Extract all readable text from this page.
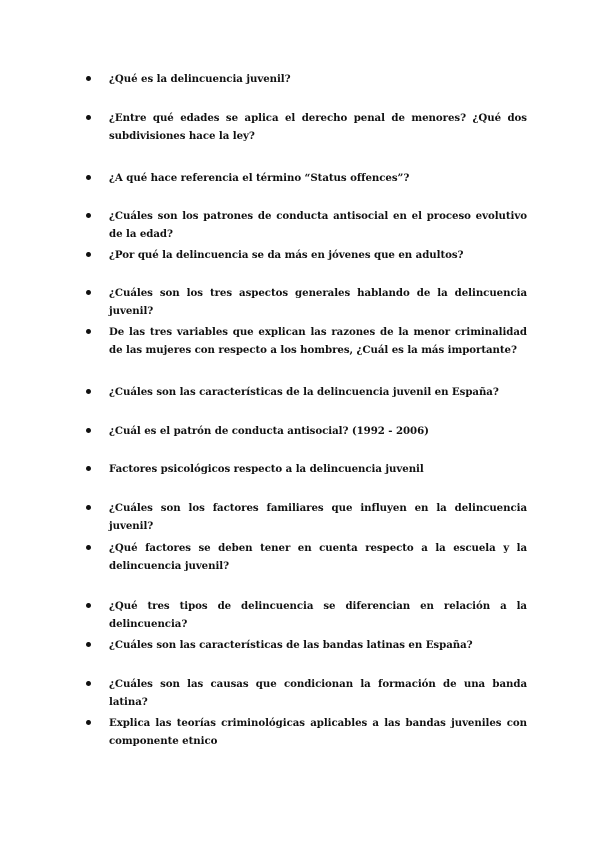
¿Qué es la delincuencia juvenil?
¿Entre qué edades se aplica el derecho penal de menores? ¿Qué dos subdivisiones hace la ley?
¿A qué hace referencia el término “Status offences”?
¿Cuáles son los patrones de conducta antisocial en el proceso evolutivo de la edad?
¿Por qué la delincuencia se da más en jóvenes que en adultos?
¿Cuáles son los tres aspectos generales hablando de la delincuencia juvenil?
De las tres variables que explican las razones de la menor criminalidad de las mujeres con respecto a los hombres, ¿Cuál es la más importante?
¿Cuáles son las características de la delincuencia juvenil en España?
¿Cuál es el patrón de conducta antisocial? (1992 - 2006)
Factores psicológicos respecto a la delincuencia juvenil
¿Cuáles son los factores familiares que influyen en la delincuencia juvenil?
¿Qué factores se deben tener en cuenta respecto a la escuela y la delincuencia juvenil?
¿Qué tres tipos de delincuencia se diferencian en relación a la delincuencia?
¿Cuáles son las características de las bandas latinas en España?
¿Cuáles son las causas que condicionan la formación de una banda latina?
Explica las teorías criminológicas aplicables a las bandas juveniles con componente etnico
